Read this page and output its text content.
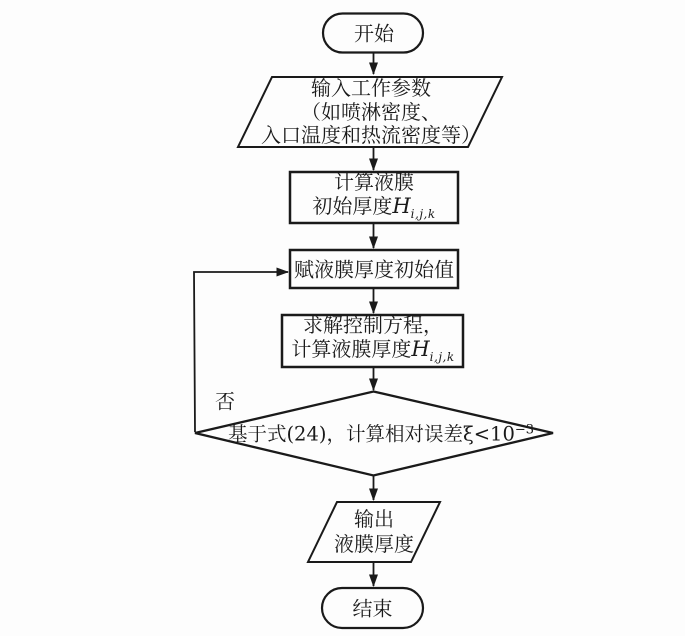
开始
输入工作参数
（如喷淋密度、
入口温度和热流密度等）
计算液膜
初始厚度$H_{i,j,k}$
赋液膜厚度初始值
求解控制方程，
计算液膜厚度$H_{i,j,k}$
基于式(24)，计算相对误差$\xi<10^{-3}$
否
输出
液膜厚度
结束
